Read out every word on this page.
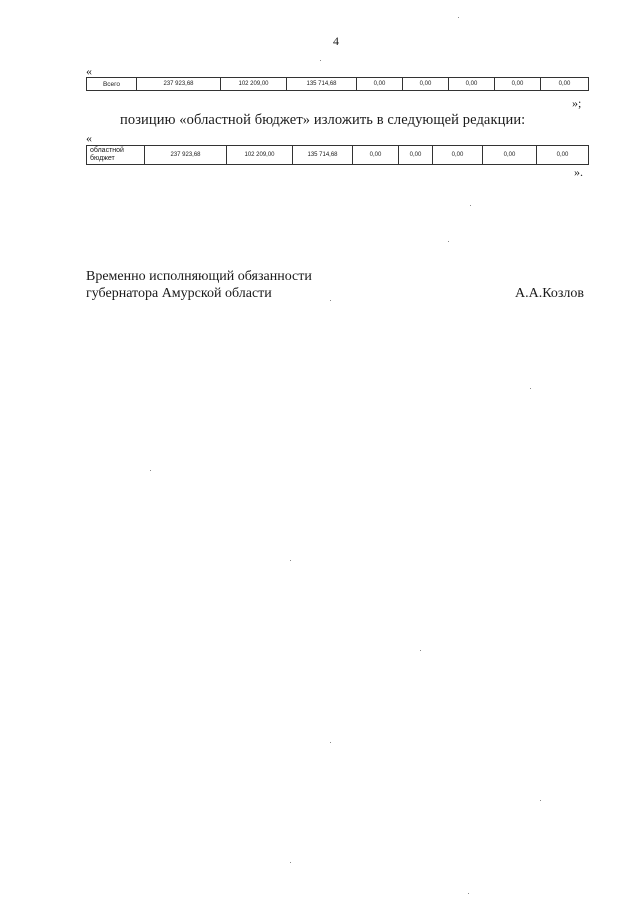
4
«
Всего	237 923,68	102 209,00	135 714,68	0,00	0,00	0,00	0,00	0,00
»;
позицию «областной бюджет» изложить в следующей редакции:
«
областной бюджет	237 923,68	102 209,00	135 714,68	0,00	0,00	0,00	0,00	0,00
».
Временно исполняющий обязанности
губернатора Амурской области	А.А.Козлов
